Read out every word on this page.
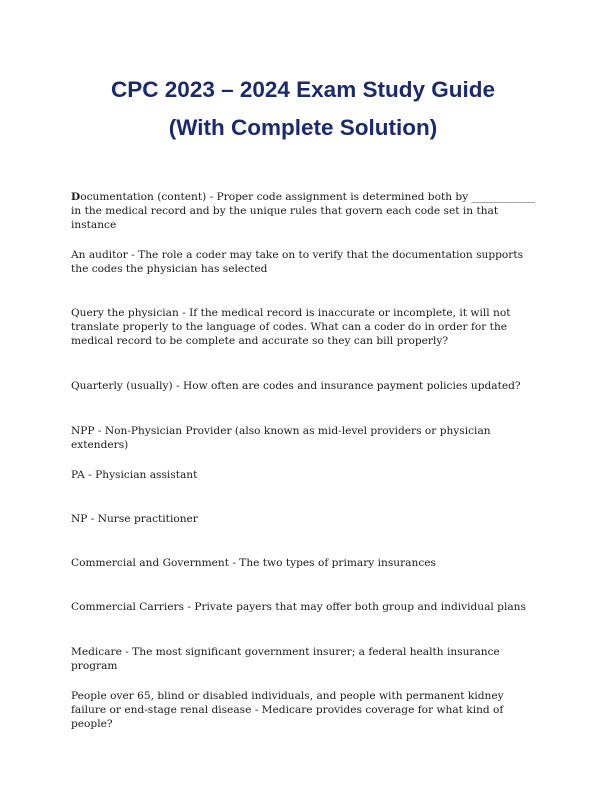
CPC 2023 – 2024 Exam Study Guide
(With Complete Solution)

Documentation (content) - Proper code assignment is determined both by ____________ in the medical record and by the unique rules that govern each code set in that instance

An auditor - The role a coder may take on to verify that the documentation supports the codes the physician has selected

Query the physician - If the medical record is inaccurate or incomplete, it will not translate properly to the language of codes. What can a coder do in order for the medical record to be complete and accurate so they can bill properly?

Quarterly (usually) - How often are codes and insurance payment policies updated?

NPP - Non-Physician Provider (also known as mid-level providers or physician extenders)

PA - Physician assistant

NP - Nurse practitioner

Commercial and Government - The two types of primary insurances

Commercial Carriers - Private payers that may offer both group and individual plans

Medicare - The most significant government insurer; a federal health insurance program

People over 65, blind or disabled individuals, and people with permanent kidney failure or end-stage renal disease - Medicare provides coverage for what kind of people?
